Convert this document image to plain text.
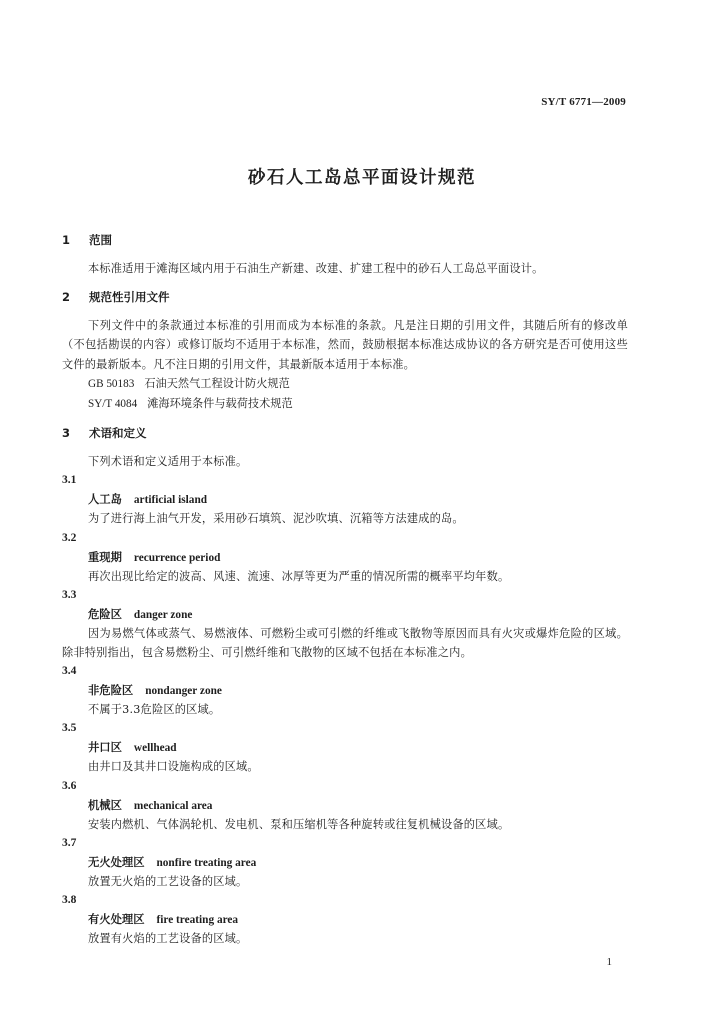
SY/T 6771—2009
砂石人工岛总平面设计规范
1 范围
本标准适用于滩海区域内用于石油生产新建、改建、扩建工程中的砂石人工岛总平面设计。
2 规范性引用文件
下列文件中的条款通过本标准的引用而成为本标准的条款。凡是注日期的引用文件，其随后所有的修改单（不包括勘误的内容）或修订版均不适用于本标准，然而，鼓励根据本标准达成协议的各方研究是否可使用这些文件的最新版本。凡不注日期的引用文件，其最新版本适用于本标准。
GB 50183 石油天然气工程设计防火规范
SY/T 4084 滩海环境条件与载荷技术规范
3 术语和定义
下列术语和定义适用于本标准。
3.1
人工岛 artificial island
为了进行海上油气开发，采用砂石填筑、泥沙吹填、沉箱等方法建成的岛。
3.2
重现期 recurrence period
再次出现比给定的波高、风速、流速、冰厚等更为严重的情况所需的概率平均年数。
3.3
危险区 danger zone
因为易燃气体或蒸气、易燃液体、可燃粉尘或可引燃的纤维或飞散物等原因而具有火灾或爆炸危险的区域。除非特别指出，包含易燃粉尘、可引燃纤维和飞散物的区域不包括在本标准之内。
3.4
非危险区 nondanger zone
不属于3.3危险区的区域。
3.5
井口区 wellhead
由井口及其井口设施构成的区域。
3.6
机械区 mechanical area
安装内燃机、气体涡轮机、发电机、泵和压缩机等各种旋转或往复机械设备的区域。
3.7
无火处理区 nonfire treating area
放置无火焰的工艺设备的区域。
3.8
有火处理区 fire treating area
放置有火焰的工艺设备的区域。
1
